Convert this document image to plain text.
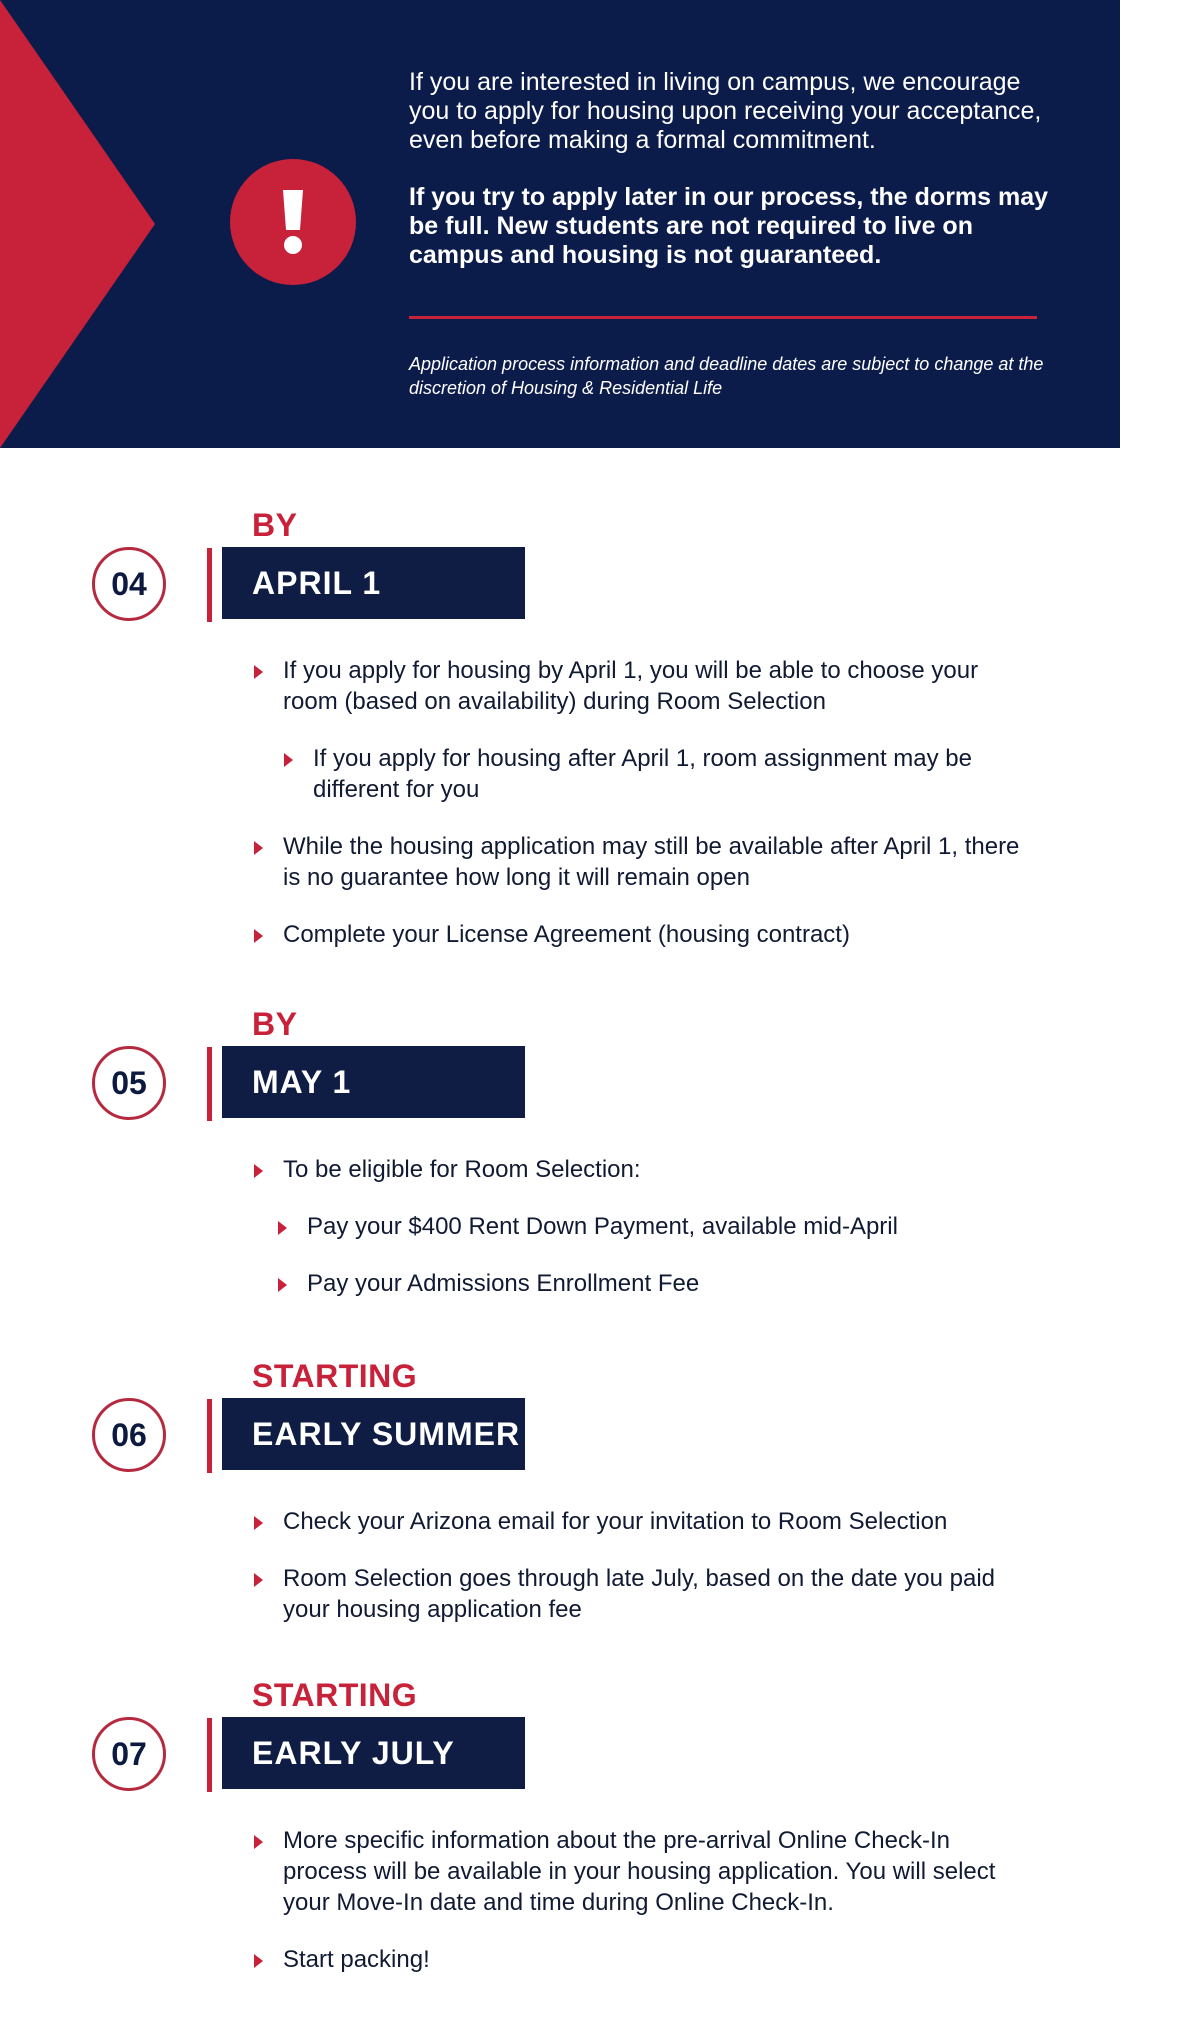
If you are interested in living on campus, we encourage you to apply for housing upon receiving your acceptance, even before making a formal commitment.

If you try to apply later in our process, the dorms may be full. New students are not required to live on campus and housing is not guaranteed.

Application process information and deadline dates are subject to change at the discretion of Housing & Residential Life

BY
04	APRIL 1
If you apply for housing by April 1, you will be able to choose your room (based on availability) during Room Selection
If you apply for housing after April 1, room assignment may be different for you
While the housing application may still be available after April 1, there is no guarantee how long it will remain open
Complete your License Agreement (housing contract)
BY
05	MAY 1
To be eligible for Room Selection:
Pay your $400 Rent Down Payment, available mid-April
Pay your Admissions Enrollment Fee
STARTING
06	EARLY SUMMER
Check your Arizona email for your invitation to Room Selection
Room Selection goes through late July, based on the date you paid your housing application fee
STARTING
07	EARLY JULY
More specific information about the pre-arrival Online Check-In process will be available in your housing application. You will select your Move-In date and time during Online Check-In.
Start packing!
